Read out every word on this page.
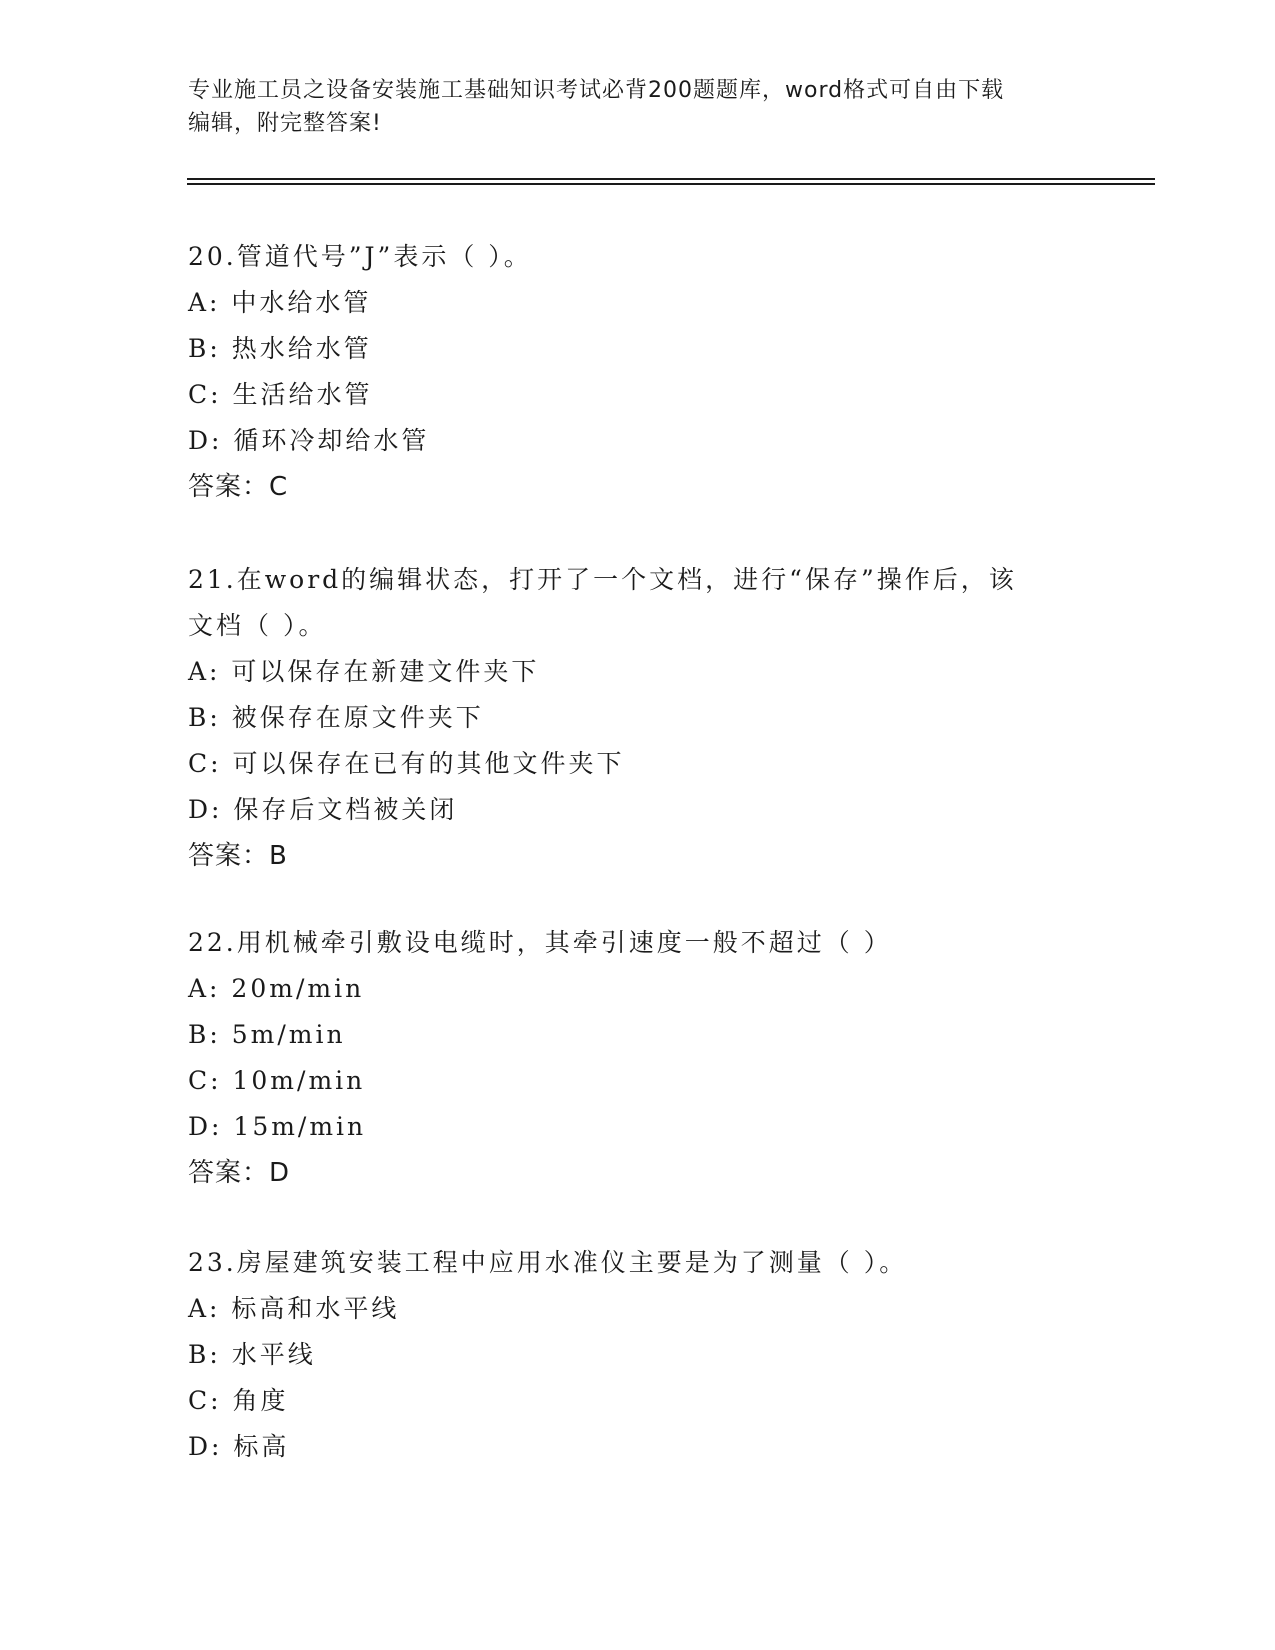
专业施工员之设备安装施工基础知识考试必背200题题库，word格式可自由下载
编辑，附完整答案!
20.管道代号”J”表示（ ）。
A: 中水给水管
B: 热水给水管
C: 生活给水管
D: 循环冷却给水管
答案：C
21.在word的编辑状态，打开了一个文档，进行“保存”操作后，该
文档（ ）。
A: 可以保存在新建文件夹下
B: 被保存在原文件夹下
C: 可以保存在已有的其他文件夹下
D: 保存后文档被关闭
答案：B
22.用机械牵引敷设电缆时，其牵引速度一般不超过（ ）
A: 20m/min
B: 5m/min
C: 10m/min
D: 15m/min
答案：D
23.房屋建筑安装工程中应用水准仪主要是为了测量（ ）。
A: 标高和水平线
B: 水平线
C: 角度
D: 标高
